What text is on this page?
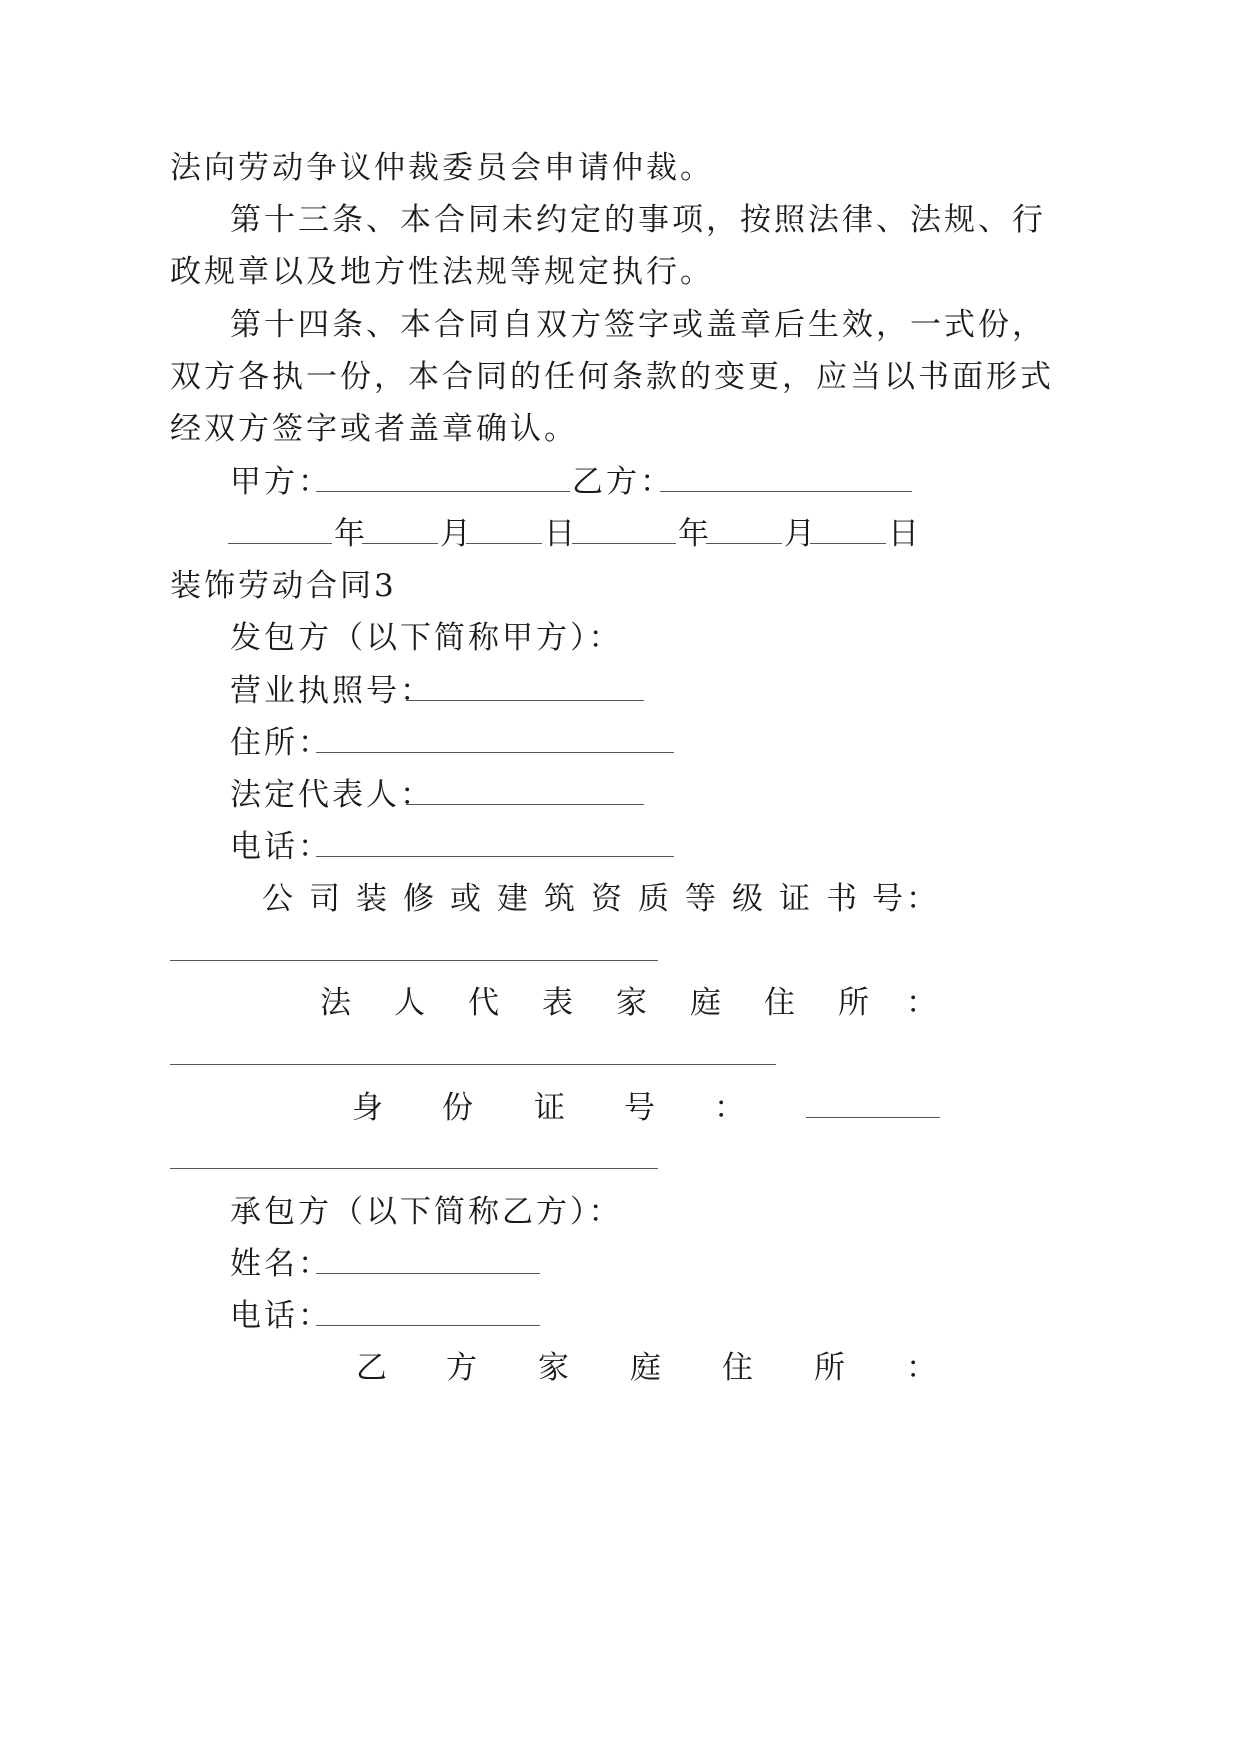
法向劳动争议仲裁委员会申请仲裁。
第十三条、本合同未约定的事项，按照法律、法规、行
政规章以及地方性法规等规定执行。
第十四条、本合同自双方签字或盖章后生效，一式份，
双方各执一份，本合同的任何条款的变更，应当以书面形式
经双方签字或者盖章确认。
甲方：	乙方：
年 月 日	年 月 日
装饰劳动合同3
发包方（以下简称甲方）：
营业执照号：
住所：
法定代表人：
电话：
公 司 装 修 或 建 筑 资 质 等 级 证 书 号 ：
法 人 代 表 家 庭 住 所 ：
身 份 证 号 ：
承包方（以下简称乙方）：
姓名：
电话：
乙 方 家 庭 住 所 ：
